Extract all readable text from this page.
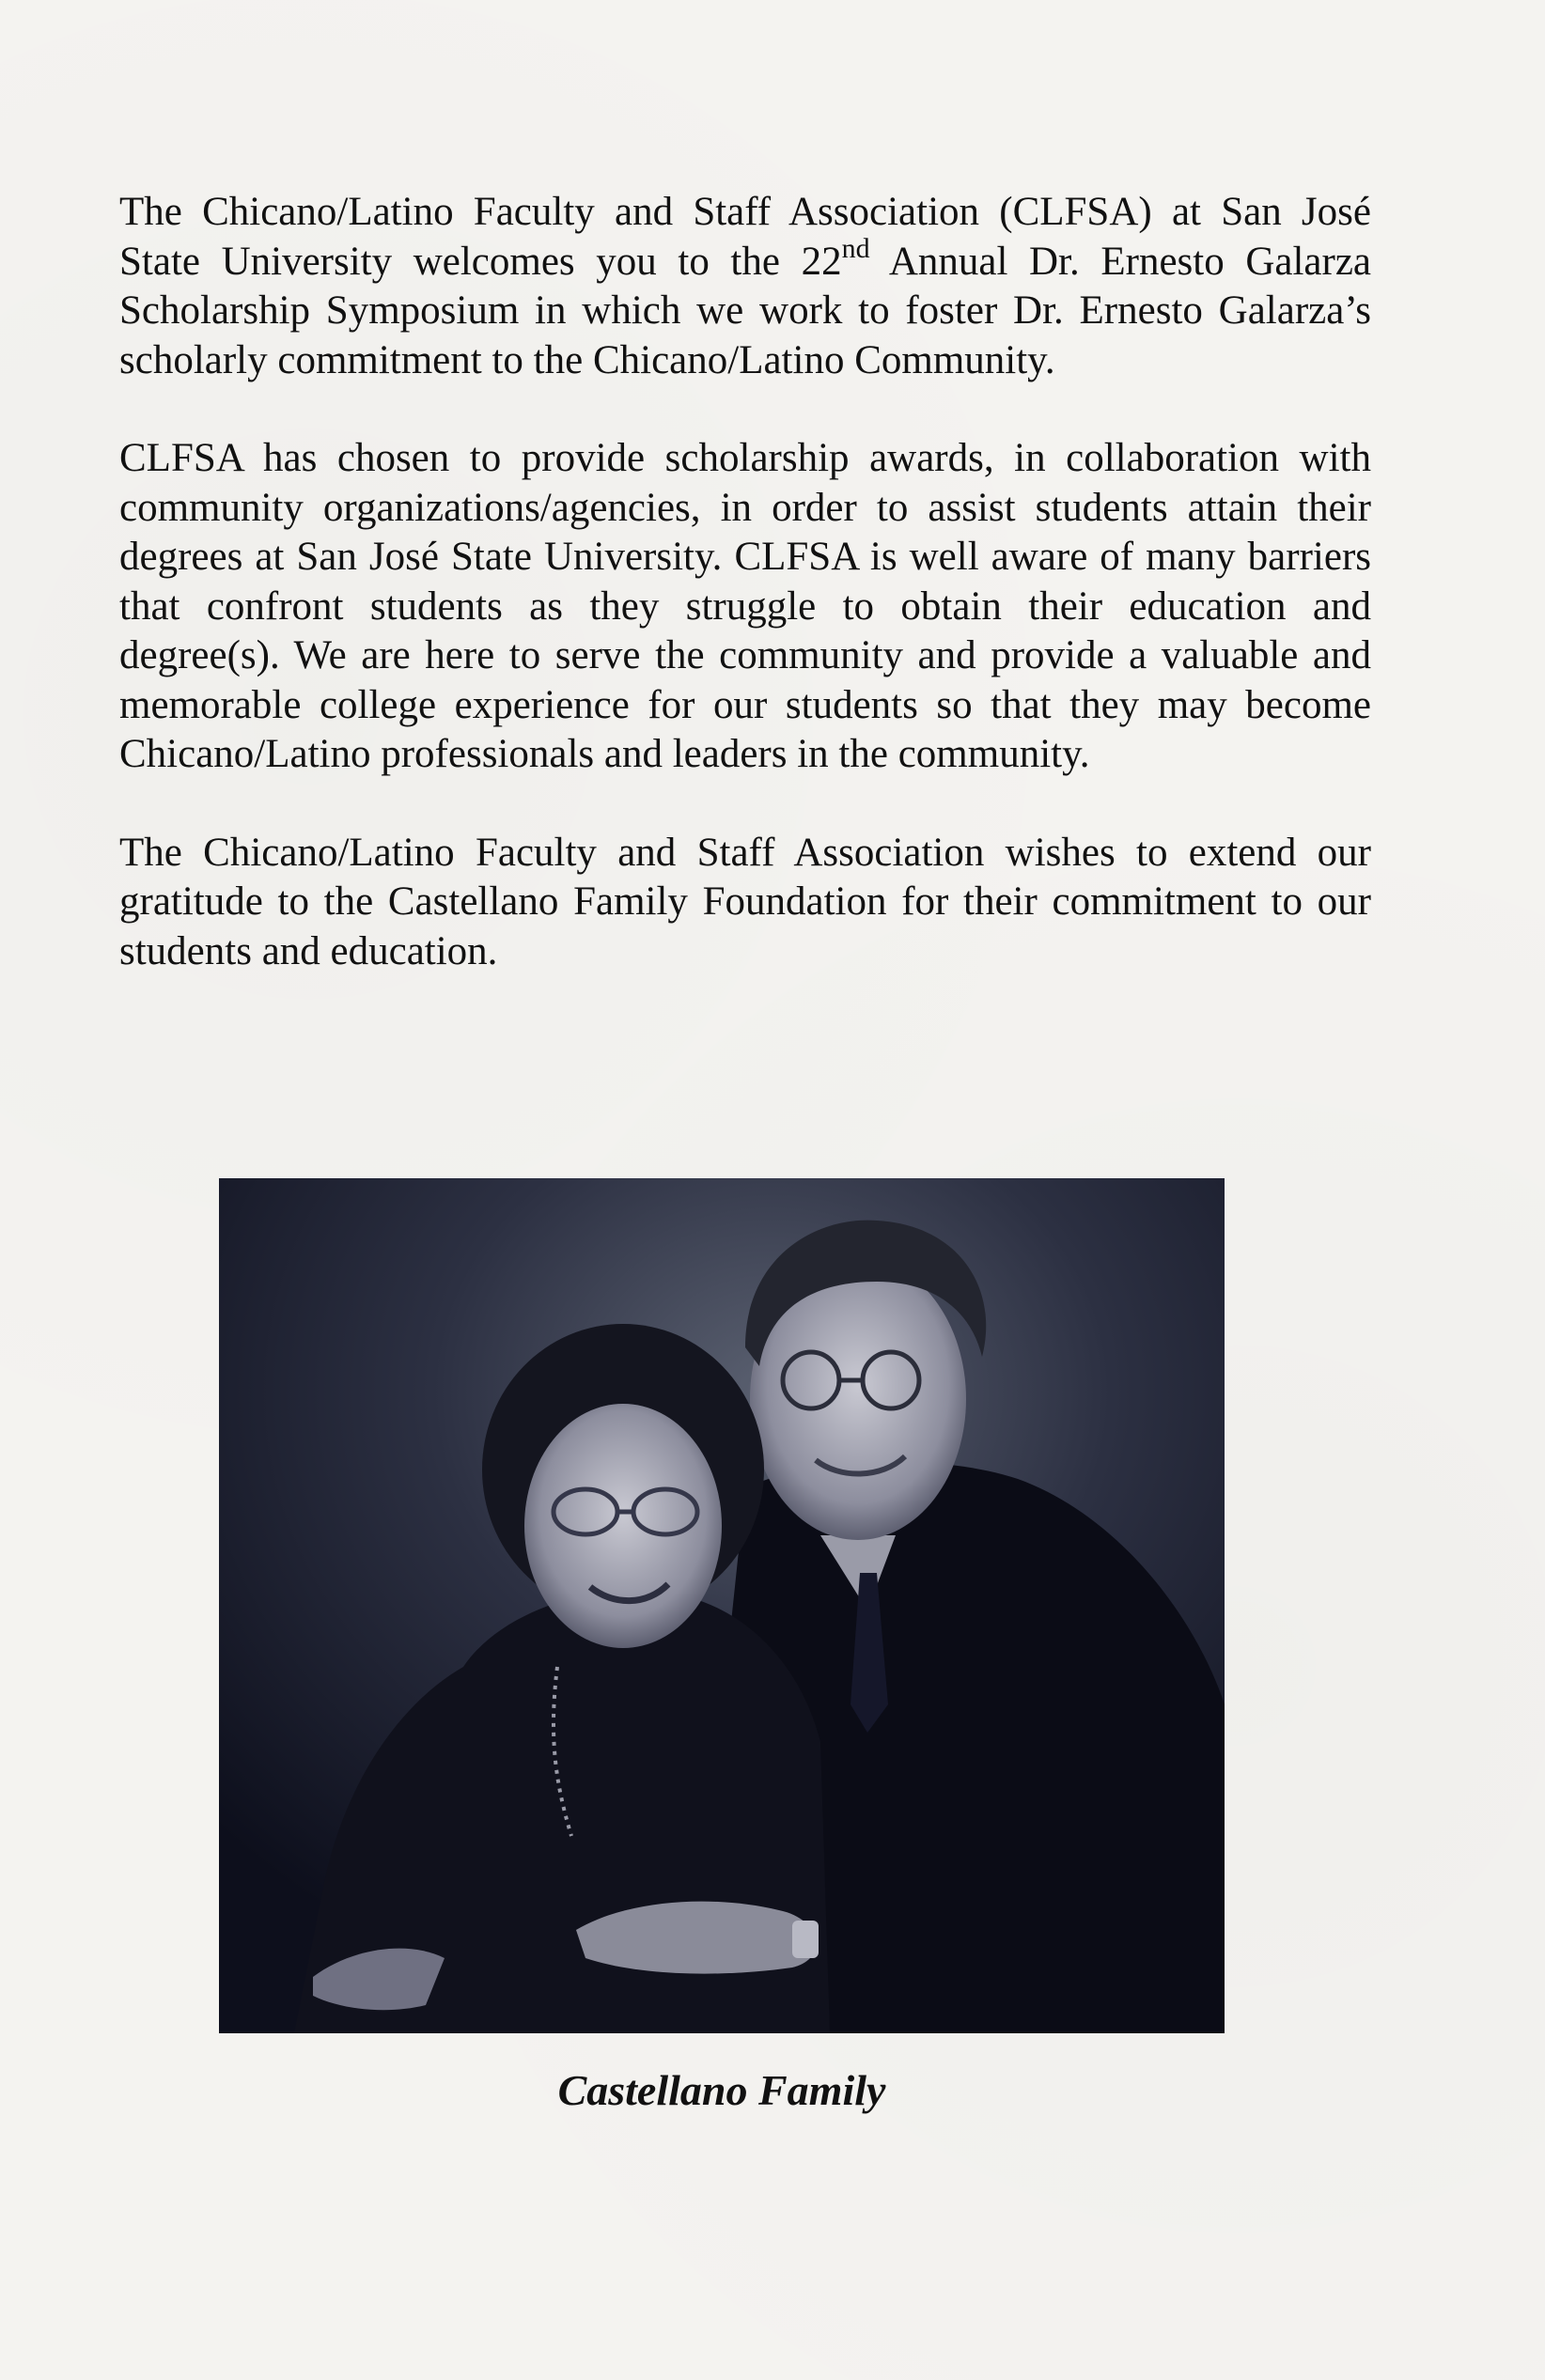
The Chicano/Latino Faculty and Staff Association (CLFSA) at San José State University welcomes you to the 22nd Annual Dr. Ernesto Galarza Scholarship Symposium in which we work to foster Dr. Ernesto Galarza’s scholarly commitment to the Chicano/Latino Community.

CLFSA has chosen to provide scholarship awards, in collaboration with community organizations/agencies, in order to assist students attain their degrees at San José State University. CLFSA is well aware of many barriers that confront students as they struggle to obtain their education and degree(s). We are here to serve the community and provide a valuable and memorable college experience for our students so that they may become Chicano/Latino professionals and leaders in the community.

The Chicano/Latino Faculty and Staff Association wishes to extend our gratitude to the Castellano Family Foundation for their commitment to our students and education.

Castellano Family
